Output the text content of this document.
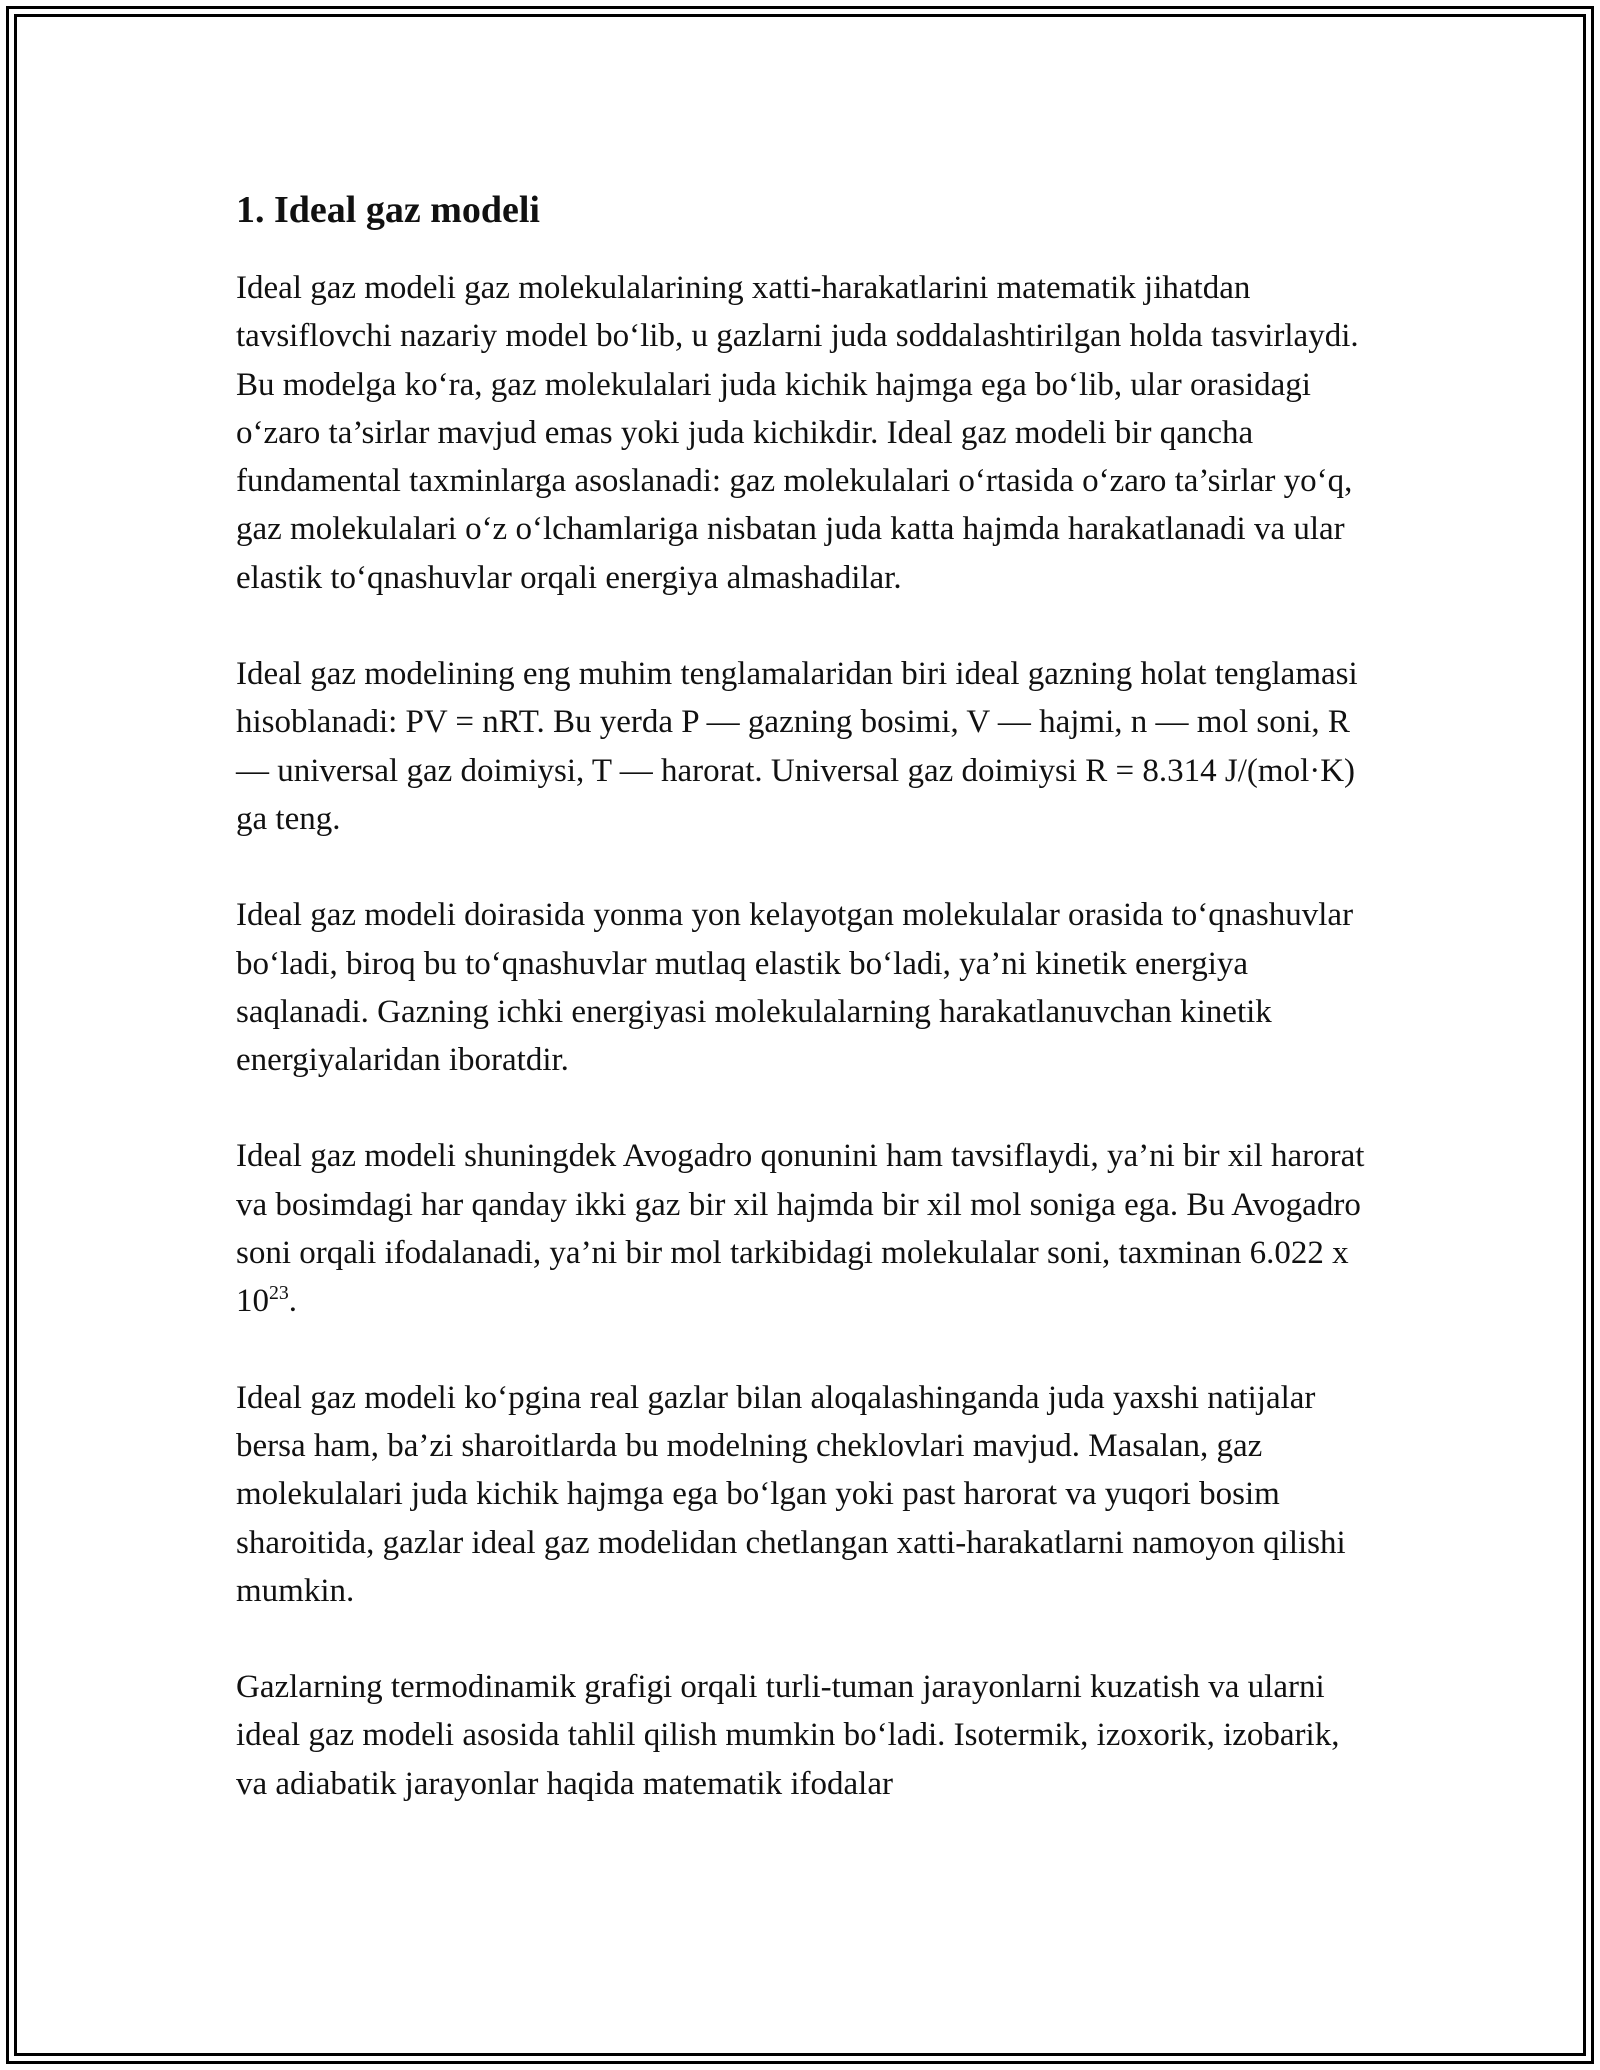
1. Ideal gaz modeli

Ideal gaz modeli gaz molekulalarining xatti-harakatlarini matematik jihatdan tavsiflovchi nazariy model bo‘lib, u gazlarni juda soddalashtirilgan holda tasvirlaydi. Bu modelga ko‘ra, gaz molekulalari juda kichik hajmga ega bo‘lib, ular orasidagi o‘zaro ta’sirlar mavjud emas yoki juda kichikdir. Ideal gaz modeli bir qancha fundamental taxminlarga asoslanadi: gaz molekulalari o‘rtasida o‘zaro ta’sirlar yo‘q, gaz molekulalari o‘z o‘lchamlariga nisbatan juda katta hajmda harakatlanadi va ular elastik to‘qnashuvlar orqali energiya almashadilar.

Ideal gaz modelining eng muhim tenglamalaridan biri ideal gazning holat tenglamasi hisoblanadi: PV = nRT. Bu yerda P — gazning bosimi, V — hajmi, n — mol soni, R — universal gaz doimiysi, T — harorat. Universal gaz doimiysi R = 8.314 J/(mol·K) ga teng.

Ideal gaz modeli doirasida yonma yon kelayotgan molekulalar orasida to‘qnashuvlar bo‘ladi, biroq bu to‘qnashuvlar mutlaq elastik bo‘ladi, ya’ni kinetik energiya saqlanadi. Gazning ichki energiyasi molekulalarning harakatlanuvchan kinetik energiyalaridan iboratdir.

Ideal gaz modeli shuningdek Avogadro qonunini ham tavsiflaydi, ya’ni bir xil harorat va bosimdagi har qanday ikki gaz bir xil hajmda bir xil mol soniga ega. Bu Avogadro soni orqali ifodalanadi, ya’ni bir mol tarkibidagi molekulalar soni, taxminan 6.022 x $10^{23}$.

Ideal gaz modeli ko‘pgina real gazlar bilan aloqalashinganda juda yaxshi natijalar bersa ham, ba’zi sharoitlarda bu modelning cheklovlari mavjud. Masalan, gaz molekulalari juda kichik hajmga ega bo‘lgan yoki past harorat va yuqori bosim sharoitida, gazlar ideal gaz modelidan chetlangan xatti-harakatlarni namoyon qilishi mumkin.

Gazlarning termodinamik grafigi orqali turli-tuman jarayonlarni kuzatish va ularni ideal gaz modeli asosida tahlil qilish mumkin bo‘ladi. Isotermik, izoxorik, izobarik, va adiabatik jarayonlar haqida matematik ifodalar
